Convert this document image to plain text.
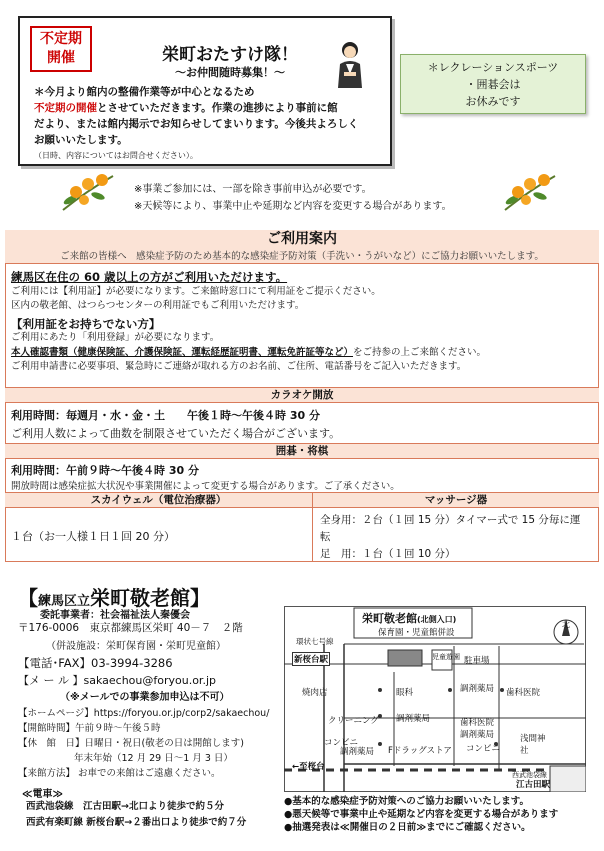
不定期
開催	栄町おたすけ隊！
～お仲間随時募集！～
＊今月より館内の整備作業等が中心となるため
不定期の開催とさせていただきます。作業の進捗により事前に館
だより、または館内掲示でお知らせしてまいります。今後共よろしく
お願いいたします。
（日時、内容についてはお問合せください）。
＊レクレーションスポーツ
・囲碁会は
お休みです
※事業ご参加には、一部を除き事前申込が必要です。
※天候等により、事業中止や延期など内容を変更する場合があります。
ご利用案内
ご来館の皆様へ　感染症予防のため基本的な感染症予防対策（手洗い・うがいなど）にご協力お願いいたします。
練馬区在住の 60 歳以上の方がご利用いただけます。
ご利用には【利用証】が必要になります。ご来館時窓口にて利用証をご提示ください。
区内の敬老館、はつらつセンターの利用証でもご利用いただけます。
【利用証をお持ちでない方】
ご利用にあたり「利用登録」が必要になります。
本人確認書類（健康保険証、介護保険証、運転経歴証明書、運転免許証等など）をご持参の上ご来館ください。
ご利用申請書に必要事項、緊急時にご連絡が取れる方のお名前、ご住所、電話番号をご記入いただきます。
カラオケ開放
利用時間：毎週月・水・金・土　　午後１時～午後４時 30 分
ご利用人数によって曲数を制限させていただく場合がございます。
囲碁・将棋
利用時間：午前９時～午後４時 30 分
開放時間は感染症拡大状況や事業開催によって変更する場合があります。ご了承ください。
スカイウェル（電位治療器）	マッサージ器
１台（お一人様１日１回 20 分）
全身用：２台（１回 15 分）タイマー式で 15 分毎に運
転
足　用：１台（１回 10 分）
【練馬区立栄町敬老館】
委託事業者：社会福祉法人秦優会
〒176-0006　東京都練馬区栄町 40－７　２階
（併設施設：栄町保育園・栄町児童館）
【電話･FAX】03-3994-3286
【メ ー ル 】sakaechou@foryou.or.jp
（※メールでの事業参加申込は不可）
【ホームページ】https://foryou.or.jp/corp2/sakaechou/
【開館時間】午前９時～午後５時
【休　館　日】日曜日・祝日(敬老の日は開館します)
年末年始（12 月 29 日～1 月 3 日）
【来館方法】 お車での来館はご遠慮ください。
≪電車≫
西武池袋線　江古田駅→北口より徒歩で約５分
西武有楽町線 新桜台駅→２番出口より徒歩で約７分
栄町敬老館(北側入口)
保育園・児童館併設
環状七号線
新桜台駅
焼肉店
クリーニング
コンビニ
調剤薬局
眼科
調剤薬局
Fドラッグストア
駐車場
調剤薬局 歯科医院
歯科医院
調剤薬局
コンビニ
浅間神社
←至桜台
西武池袋線
江古田駅
児童遊園
北
●基本的な感染症予防対策へのご協力お願いいたします。
●悪天候等で事業中止や延期など内容を変更する場合があります
●抽選発表は≪開催日の２日前≫までにご確認ください。
